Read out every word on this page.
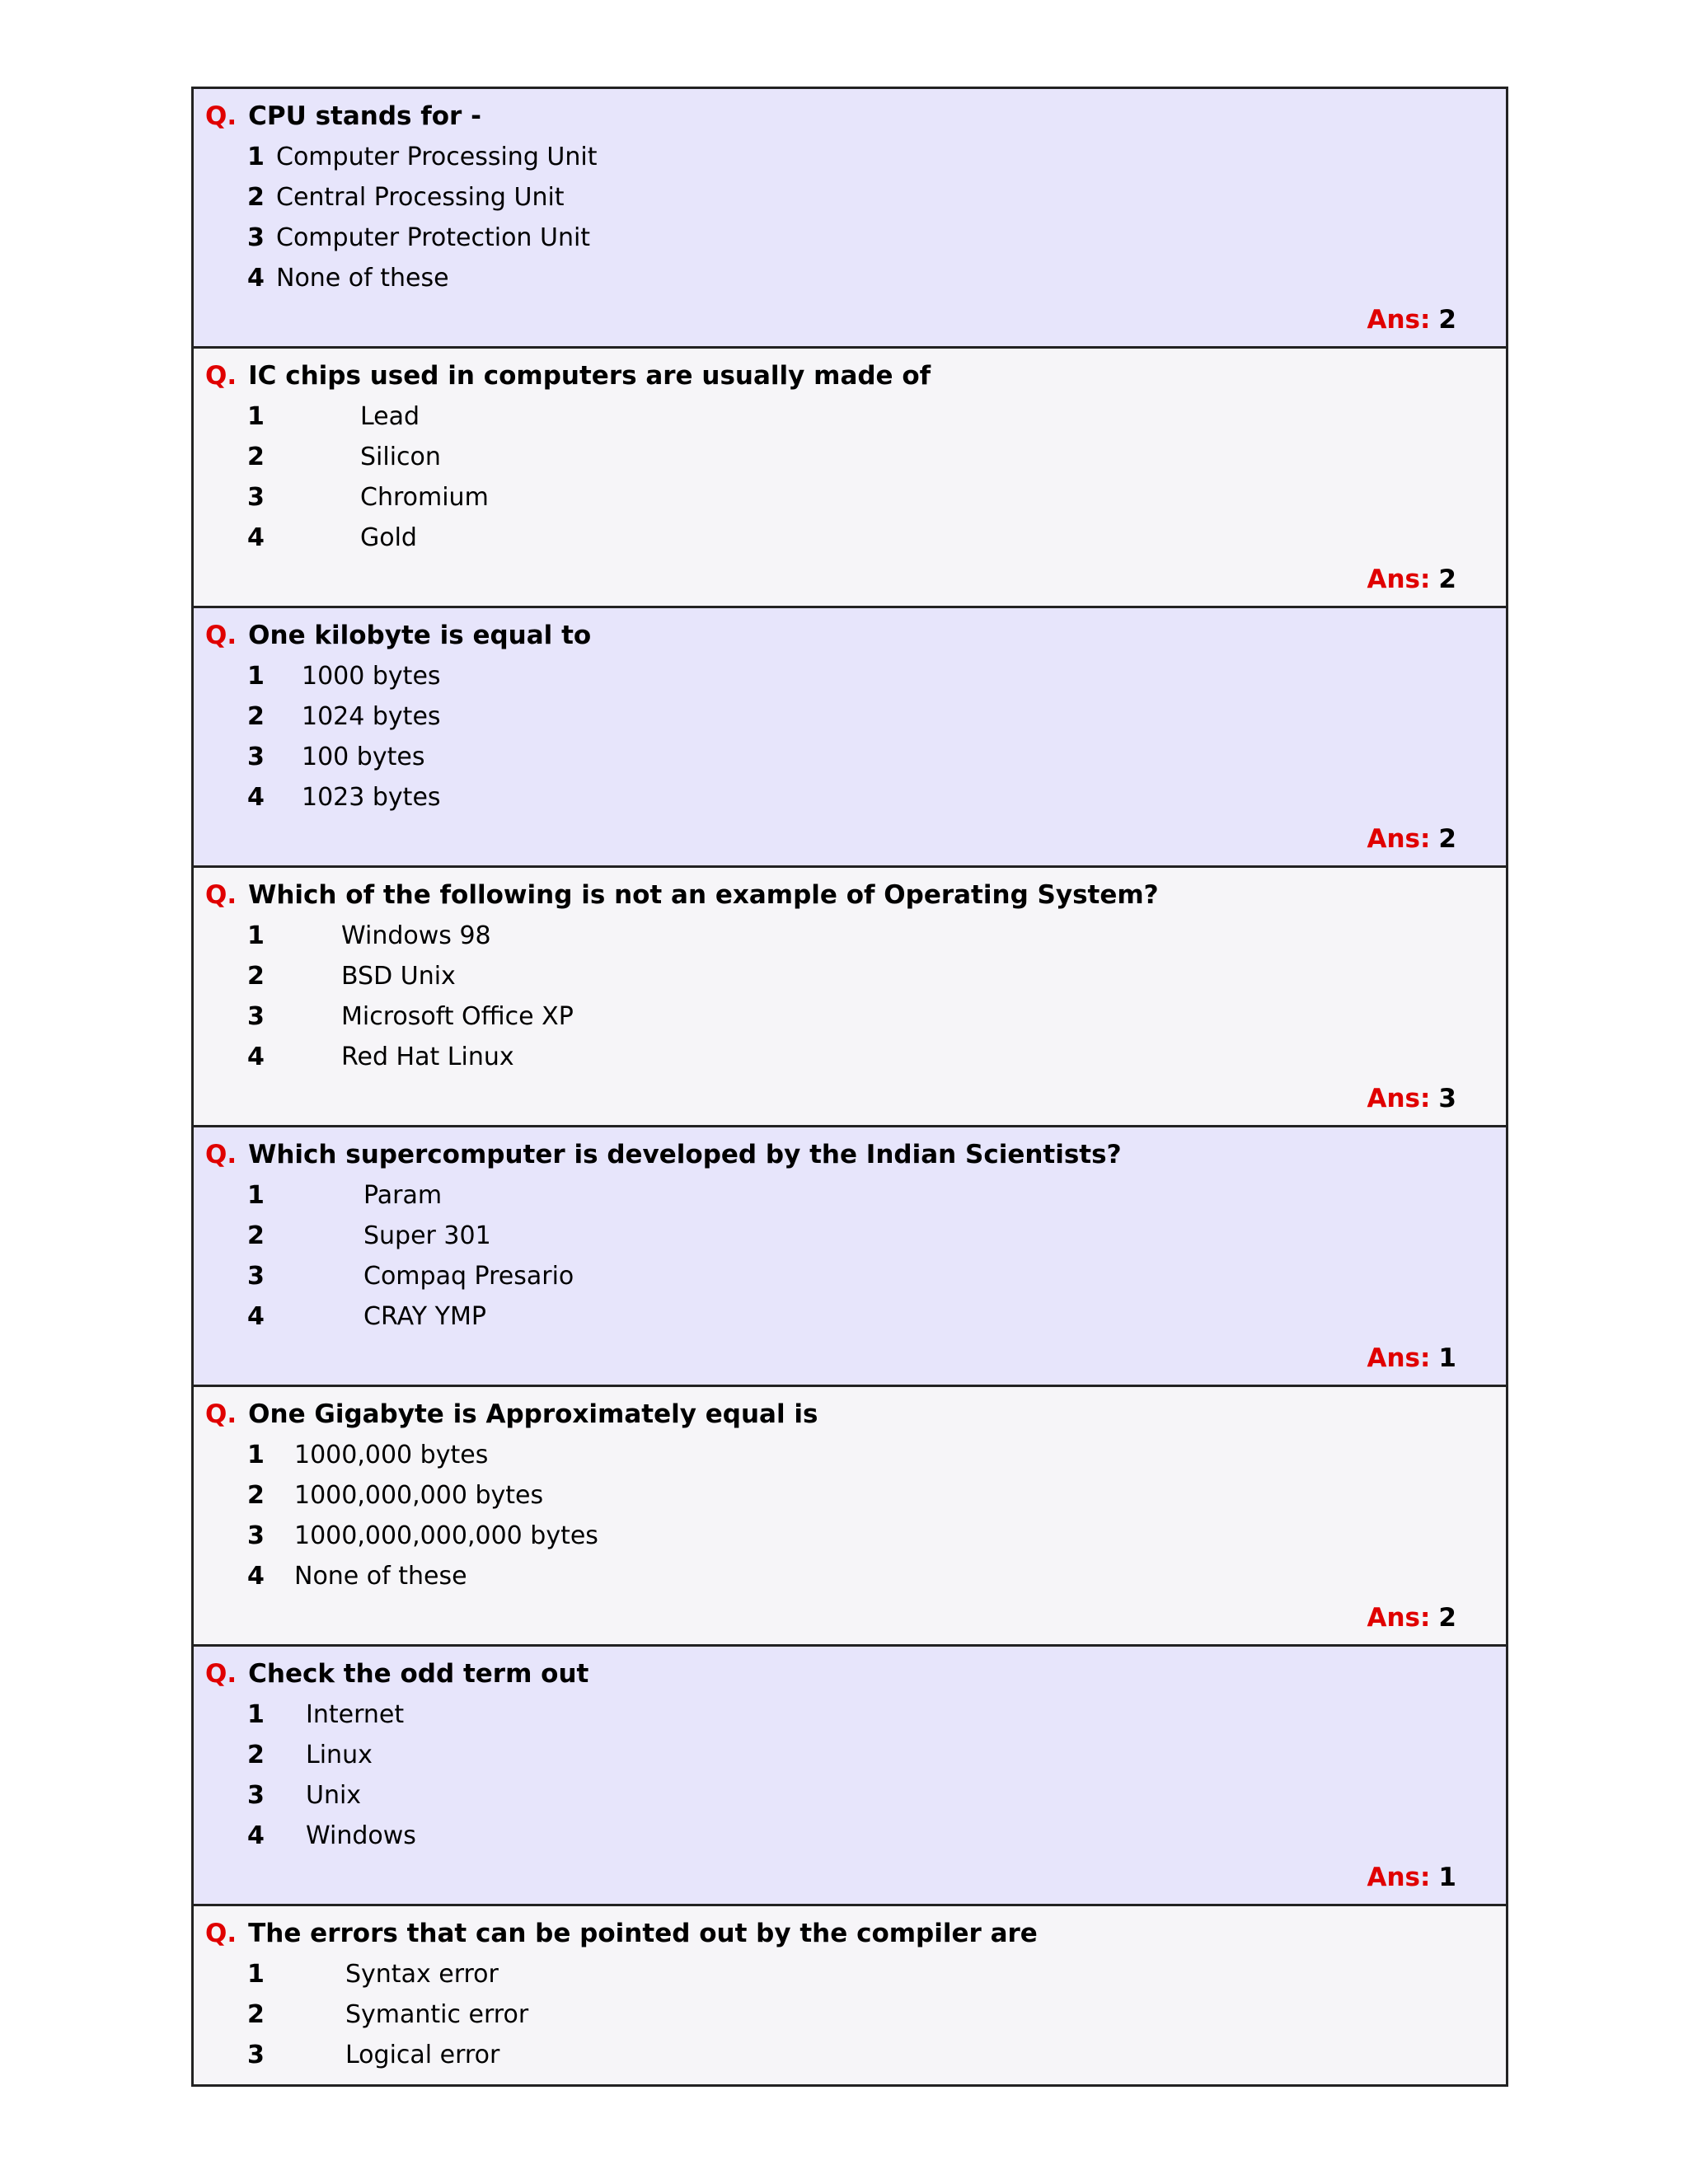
Q. CPU stands for -
1 Computer Processing Unit
2 Central Processing Unit
3 Computer Protection Unit
4 None of these
Ans: 2
Q. IC chips used in computers are usually made of
1	Lead
2	Silicon
3	Chromium
4	Gold
Ans: 2
Q. One kilobyte is equal to
1 1000 bytes
2 1024 bytes
3 100 bytes
4 1023 bytes
Ans: 2
Q. Which of the following is not an example of Operating System?
1	Windows 98
2	BSD Unix
3	Microsoft Office XP
4	Red Hat Linux
Ans: 3
Q. Which supercomputer is developed by the Indian Scientists?
1	Param
2	Super 301
3	Compaq Presario
4	CRAY YMP
Ans: 1
Q. One Gigabyte is Approximately equal is
1 1000,000 bytes
2 1000,000,000 bytes
3 1000,000,000,000 bytes
4 None of these
Ans: 2
Q. Check the odd term out
1 Internet
2 Linux
3 Unix
4 Windows
Ans: 1
Q. The errors that can be pointed out by the compiler are
1	Syntax error
2	Symantic error
3	Logical error
